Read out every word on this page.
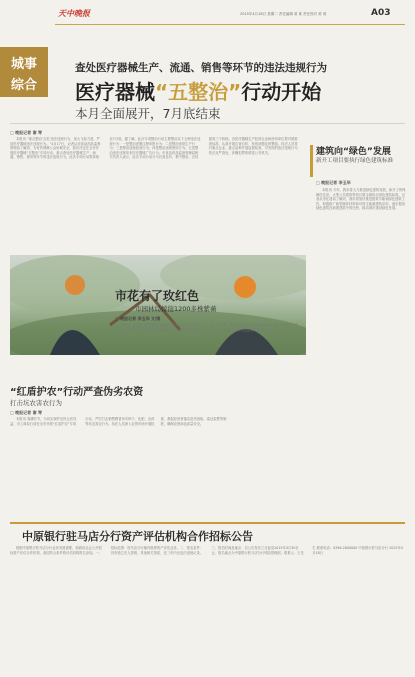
天中晚报	2015年4月18日 星期二 责任编辑 谁 谁 责任校对 谁 谁	A03
城事
综合
查处医疗器械生产、流通、销售等环节的违法违规行为
医疗器械“五整治”行动开始
本月全面展开，7月底结束
□ 晚报记者 谢 琴
本报讯 “重点整治‘五类’违法违规行为，加大飞检力度，严惩医疗器械违法违规行为。”4月17日，记者从市食品药品监督管理局了解到，为有效保障公众用械安全，我市决定在全市开展医疗器械“五整治”专项行动，重点查处医疗器械生产、流通、销售、使用等环节的违法违规行为。此次专项行动将持续至7月底。据了解，此次专项整治行动主要整治以下五种违法违规行为：一是整治虚假注册申报行为；二是整治违规生产行为；三是整治违规经营行为；四是整治违规使用行为；五是整治违法违规发布医疗器械广告行为。市食品药品监督管理局相关负责人表示，此次专项行动分为自查自纠、集中整治、总结提高三个阶段。各医疗器械生产经营企业和使用单位要对照检查标准，认真开展自查自纠，发现问题及时整改。执法人员将对重点企业、重点品种开展监督检查，对发现的违法违规行为依法从严查处，涉嫌犯罪的移送公安机关。	建筑向“绿色”发展
新开工项目要执行绿色建筑标准
□ 晚报记者 李玉华
本报讯 今年，我市将大力推进绿色建筑发展，新开工的保障性住房、大型公共建筑等项目要全面执行绿色建筑标准。记者从市住建局了解到，我市将加快推进建筑节能和绿色建筑工作，积极推广新型墙体材料和可再生能源建筑应用，逐步提高绿色建筑在新建建筑中的比例，推动城乡建设绿色发展。
市花有了玫红色
市园林局嫁接1200多株紫薇
□ 晚报记者 李玉华 文/图
本报讯 连日来，市园林管理局组织技术人员对全市公园、游园及道路绿化带中的紫薇进行嫁接，为市花紫薇增添新色彩。据了解，此次共嫁接玫红色紫薇1200多株，待到今年夏季，市民将能欣赏到花色更加丰富的紫薇。
“红盾护农”行动严查伪劣农资
打击坑农害农行为
□ 晚报记者 谢 琴
本报讯 春耕时节，为切实保护农民合法权益，市工商局日前在全市开展“红盾护农”专项行动，严厉打击销售假冒伪劣种子、化肥、农药等坑农害农行为。执法人员深入农资市场开展检查，督促经营者落实进货查验、索证索票等制度，确保农资商品质量安全。
中原银行驻马店分行资产评估机构合作招标公告
根据中原银行驻马店分行业务发展需要，现面向社会公开招标资产评估合作机构，欢迎符合条件的评估机构报名参加。一、招标范围：驻马店分行辖内抵押资产评估业务。二、报名条件：具有独立法人资格，具备相关资质，近三年内无违法违规记录。三、报名时间及地点：自公告发布之日起至2015年4月30日止，报名地点为中原银行驻马店分行风险管理部。联系人：王先生 联系电话：0396-2800000 中原银行驻马店分行 2015年4月18日
